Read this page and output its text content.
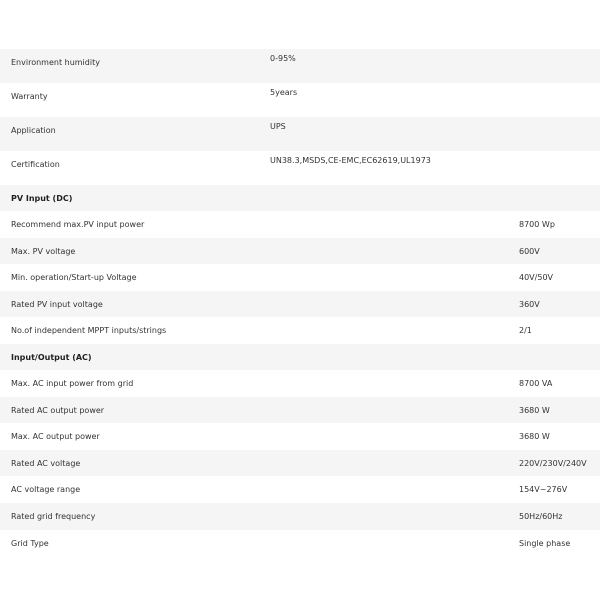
Environment humidity	0-95%
Warranty	5years
Application	UPS
Certification	UN38.3,MSDS,CE-EMC,EC62619,UL1973
PV Input (DC)
Recommend max.PV input power	8700 Wp
Max. PV voltage	600V
Min. operation/Start-up Voltage	40V/50V
Rated PV input voltage	360V
No.of independent MPPT inputs/strings	2/1
Input/Output (AC)
Max. AC input power from grid	8700 VA
Rated AC output power	3680 W
Max. AC output power	3680 W
Rated AC voltage	220V/230V/240V
AC voltage range	154V~276V
Rated grid frequency	50Hz/60Hz
Grid Type	Single phase
